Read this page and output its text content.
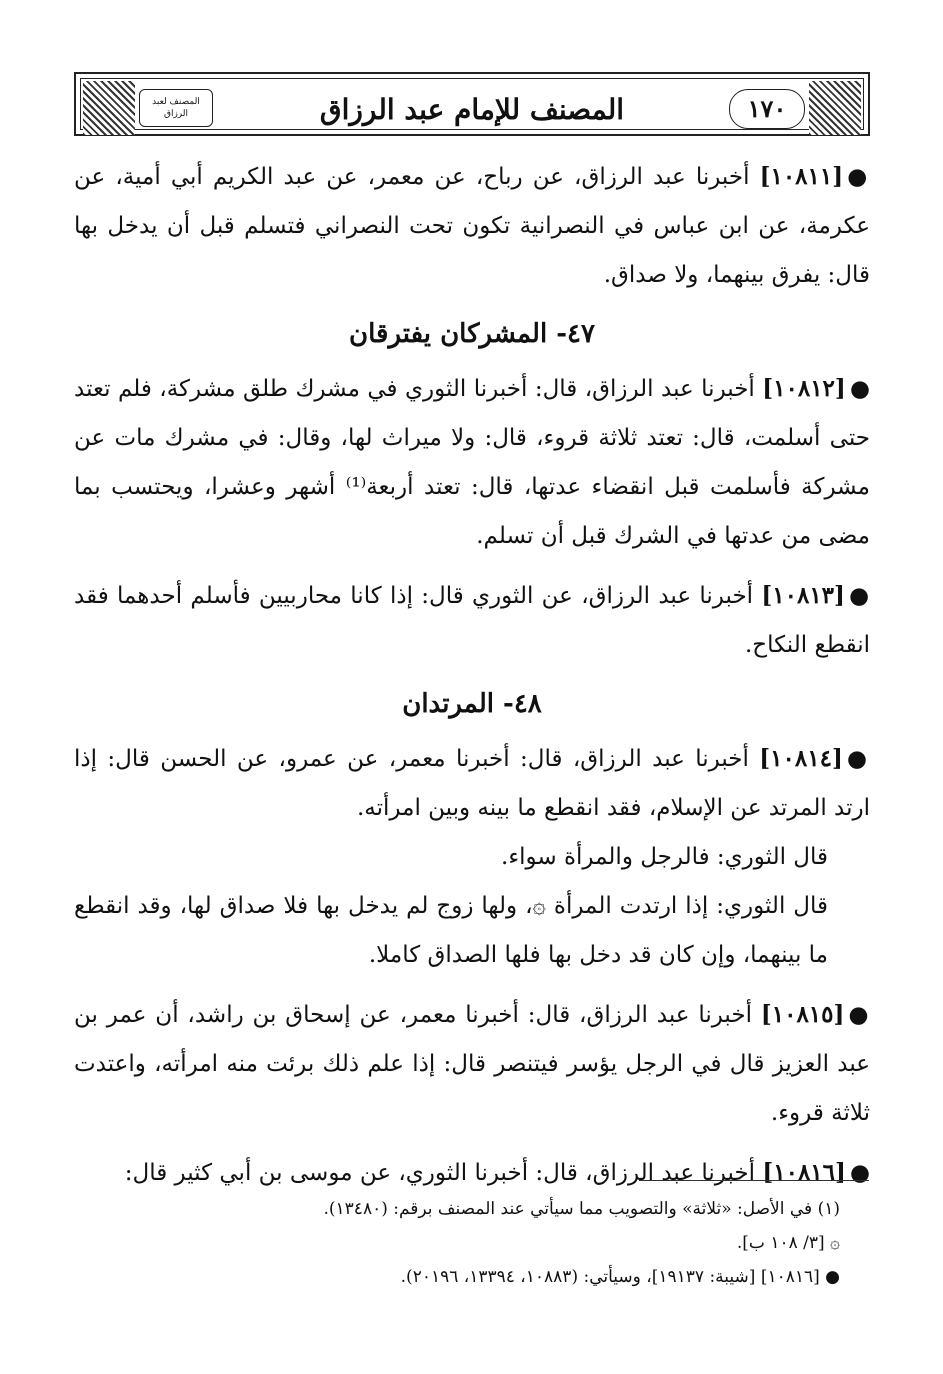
المصنف لعبد الرزاق	المصنف للإمام عبد الرزاق	١٧٠

●[١٠٨١١] أخبرنا عبد الرزاق، عن رباح، عن معمر، عن عبد الكريم أبي أمية، عن عكرمة، عن ابن عباس في النصرانية تكون تحت النصراني فتسلم قبل أن يدخل بها قال: يفرق بينهما، ولا صداق.

٤٧- المشركان يفترقان

●[١٠٨١٢] أخبرنا عبد الرزاق، قال: أخبرنا الثوري في مشرك طلق مشركة، فلم تعتد حتى أسلمت، قال: تعتد ثلاثة قروء، قال: ولا ميراث لها، وقال: في مشرك مات عن مشركة فأسلمت قبل انقضاء عدتها، قال: تعتد أربعة⁽¹⁾ أشهر وعشرا، ويحتسب بما مضى من عدتها في الشرك قبل أن تسلم.

●[١٠٨١٣] أخبرنا عبد الرزاق، عن الثوري قال: إذا كانا محاربيين فأسلم أحدهما فقد انقطع النكاح.

٤٨- المرتدان

●[١٠٨١٤] أخبرنا عبد الرزاق، قال: أخبرنا معمر، عن عمرو، عن الحسن قال: إذا ارتد المرتد عن الإسلام، فقد انقطع ما بينه وبين امرأته.

قال الثوري: فالرجل والمرأة سواء.

قال الثوري: إذا ارتدت المرأة ۞، ولها زوج لم يدخل بها فلا صداق لها، وقد انقطع ما بينهما، وإن كان قد دخل بها فلها الصداق كاملا.

●[١٠٨١٥] أخبرنا عبد الرزاق، قال: أخبرنا معمر، عن إسحاق بن راشد، أن عمر بن عبد العزيز قال في الرجل يؤسر فيتنصر قال: إذا علم ذلك برئت منه امرأته، واعتدت ثلاثة قروء.

●[١٠٨١٦] أخبرنا عبد الرزاق، قال: أخبرنا الثوري، عن موسى بن أبي كثير قال:

(١) في الأصل: «ثلاثة» والتصويب مما سيأتي عند المصنف برقم: (١٣٤٨٠).

۞ [٣/ ١٠٨ ب].

● [١٠٨١٦] [شيبة: ١٩١٣٧]، وسيأتي: (١٠٨٨٣، ١٣٣٩٤، ٢٠١٩٦).
